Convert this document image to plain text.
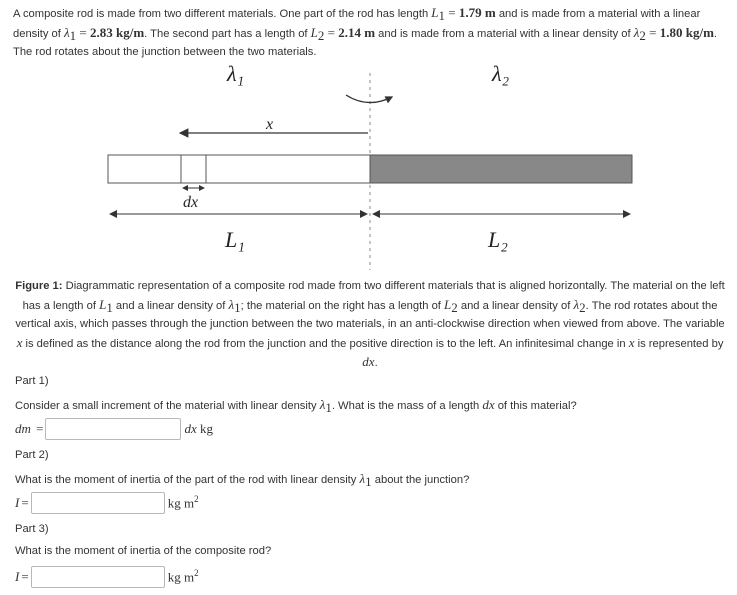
A composite rod is made from two different materials. One part of the rod has length $L_1 = 1.79$ m and is made from a material with a linear density of $\lambda_1 = 2.83$ kg/m. The second part has a length of $L_2 = 2.14$ m and is made from a material with a linear density of $\lambda_2 = 1.80$ kg/m. The rod rotates about the junction between the two materials.
λ₁	λ₂
x
dx
L₁	L₂
Figure 1: Diagrammatic representation of a composite rod made from two different materials that is aligned horizontally. The material on the left has a length of $L_1$ and a linear density of $\lambda_1$; the material on the right has a length of $L_2$ and a linear density of $\lambda_2$. The rod rotates about the vertical axis, which passes through the junction between the two materials, in an anti-clockwise direction when viewed from above. The variable x is defined as the distance along the rod from the junction and the positive direction is to the left. An infinitesimal change in x is represented by dx.
Part 1)
Consider a small increment of the material with linear density $\lambda_1$. What is the mass of a length dx of this material?
dm =	dx kg
Part 2)
What is the moment of inertia of the part of the rod with linear density $\lambda_1$ about the junction?
I =	kg $m^2$
Part 3)
What is the moment of inertia of the composite rod?
I =	kg $m^2$
